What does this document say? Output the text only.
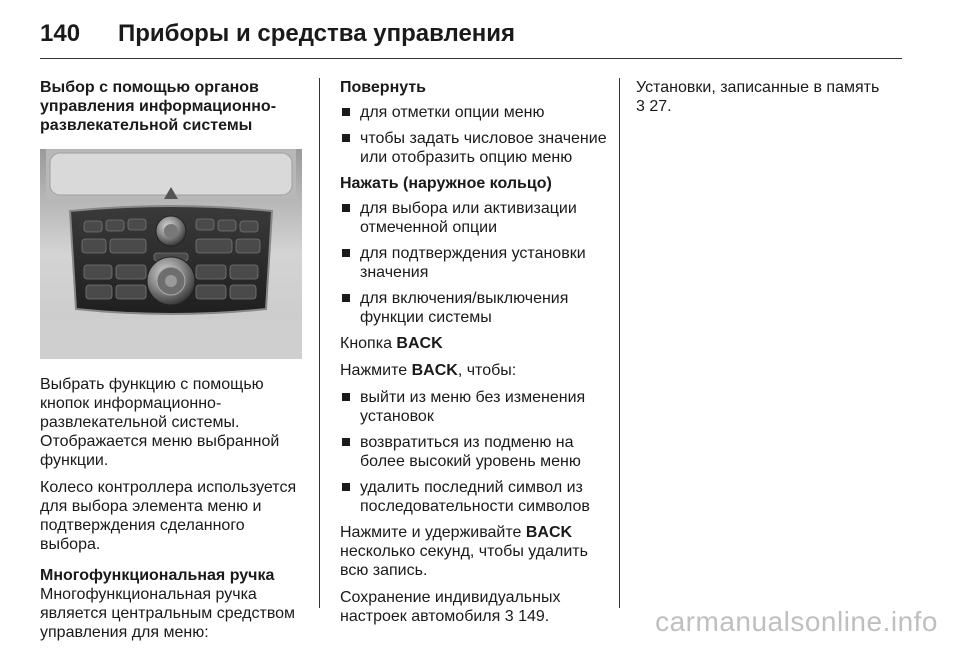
140	Приборы и средства управления
Выбор с помощью органов управления информационно-развлекательной системы

Выбрать функцию с помощью кнопок информационно-развлекательной системы. Отображается меню выбранной функции.

Колесо контроллера используется для выбора элемента меню и подтверждения сделанного выбора.

Многофункциональная ручка

Многофункциональная ручка является центральным средством управления для меню:

Повернуть
для отметки опции меню
чтобы задать числовое значение или отобразить опцию меню
Нажать (наружное кольцо)
для выбора или активизации отмеченной опции
для подтверждения установки значения
для включения/выключения функции системы

Кнопка BACK

Нажмите BACK, чтобы:

выйти из меню без изменения установок
возвратиться из подменю на более высокий уровень меню
удалить последний символ из последовательности символов

Нажмите и удерживайте BACK несколько секунд, чтобы удалить всю запись.

Сохранение индивидуальных настроек автомобиля 3 149.

Установки, записанные в память
3 27.

carmanualsonline.info
